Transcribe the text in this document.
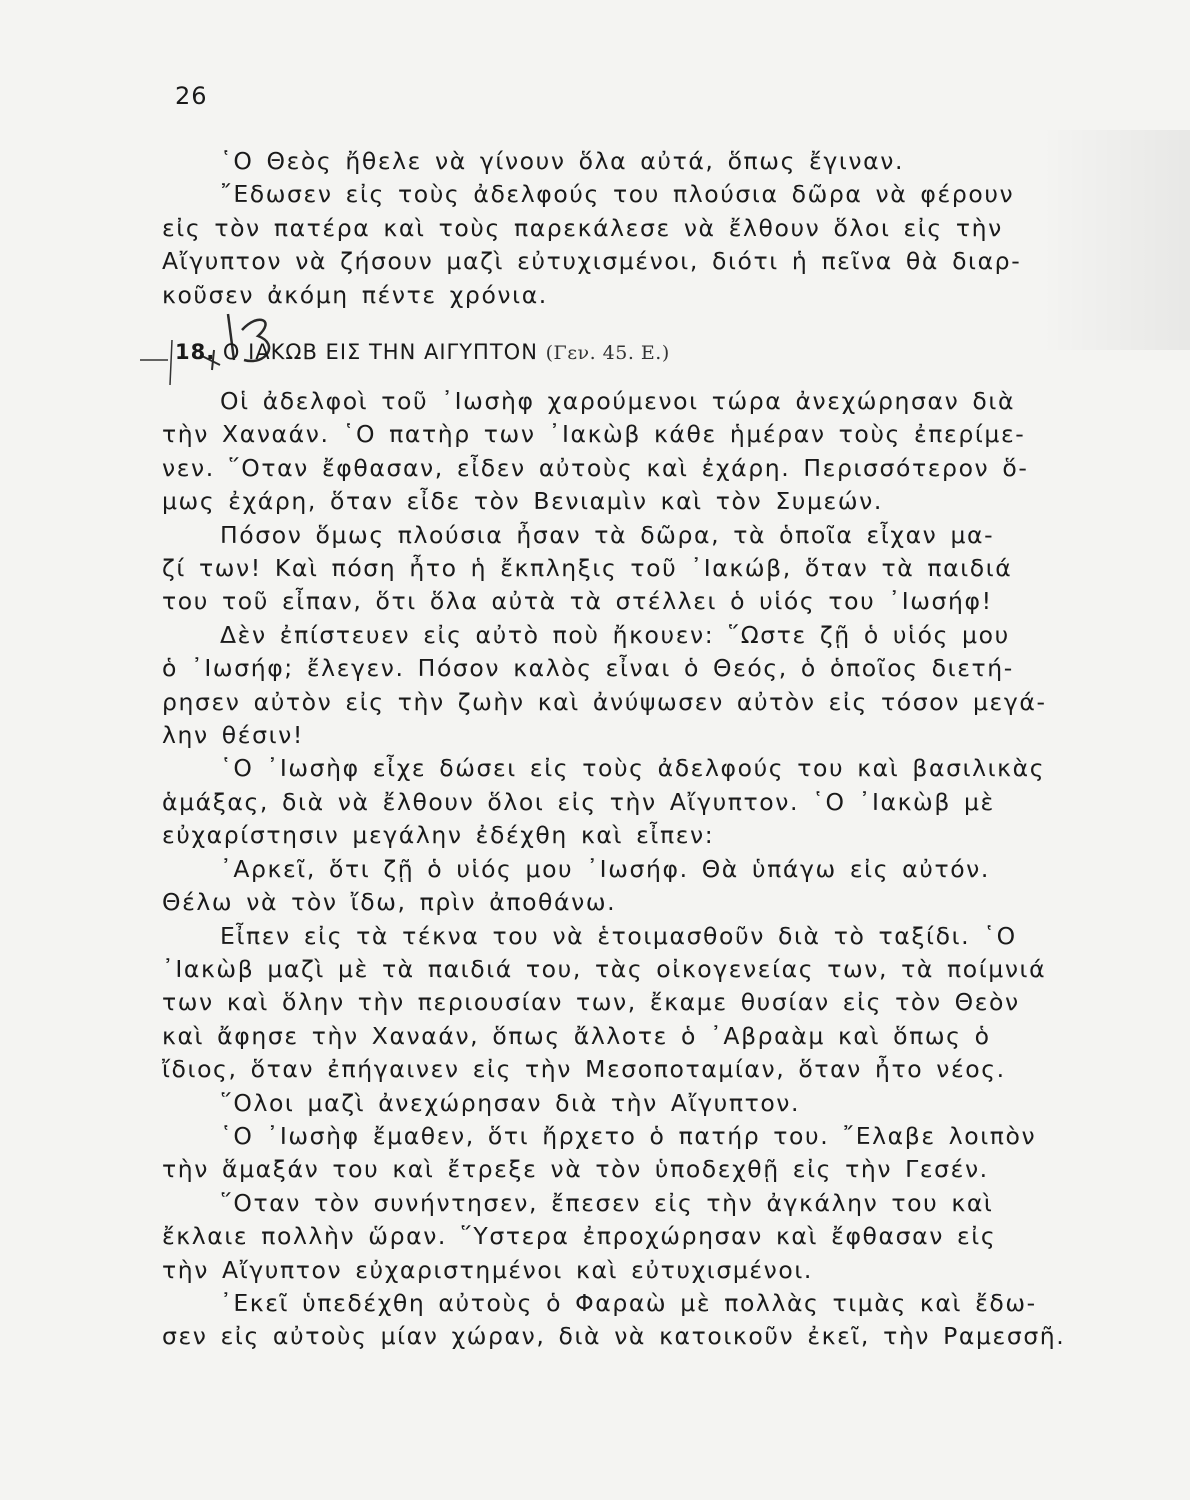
26
῾Ο Θεὸς ἤθελε νὰ γίνουν ὅλα αὐτά, ὅπως ἔγιναν.
῎Εδωσεν εἰς τοὺς ἀδελφούς του πλούσια δῶρα νὰ φέρουν
εἰς τὸν πατέρα καὶ τοὺς παρεκάλεσε νὰ ἔλθουν ὅλοι εἰς τὴν
Αἴγυπτον νὰ ζήσουν μαζὶ εὐτυχισμένοι, διότι ἡ πεῖνα θὰ διαρ-
κοῦσεν ἀκόμη πέντε χρόνια.
18. Ο ΙΑΚΩΒ ΕΙΣ ΤΗΝ ΑΙΓΥΠΤΟΝ (Γεν. 45. Ε.)
Οἱ ἀδελφοὶ τοῦ ᾿Ιωσὴφ χαρούμενοι τώρα ἀνεχώρησαν διὰ
τὴν Χαναάν. ῾Ο πατὴρ των ᾿Ιακὼβ κάθε ἡμέραν τοὺς ἐπερίμε-
νεν. ῞Οταν ἔφθασαν, εἶδεν αὐτοὺς καὶ ἐχάρη. Περισσότερον ὅ-
μως ἐχάρη, ὅταν εἶδε τὸν Βενιαμὶν καὶ τὸν Συμεών.
Πόσον ὅμως πλούσια ἦσαν τὰ δῶρα, τὰ ὁποῖα εἶχαν μα-
ζί των! Καὶ πόση ἦτο ἡ ἔκπληξις τοῦ ᾿Ιακώβ, ὅταν τὰ παιδιά
του τοῦ εἶπαν, ὅτι ὅλα αὐτὰ τὰ στέλλει ὁ υἱός του ᾿Ιωσήφ!
Δὲν ἐπίστευεν εἰς αὐτὸ ποὺ ἤκουεν: ῞Ωστε ζῇ ὁ υἱός μου
ὁ ᾿Ιωσήφ; ἔλεγεν. Πόσον καλὸς εἶναι ὁ Θεός, ὁ ὁποῖος διετή-
ρησεν αὐτὸν εἰς τὴν ζωὴν καὶ ἀνύψωσεν αὐτὸν εἰς τόσον μεγά-
λην θέσιν!
῾Ο ᾿Ιωσὴφ εἶχε δώσει εἰς τοὺς ἀδελφούς του καὶ βασιλικὰς
ἁμάξας, διὰ νὰ ἔλθουν ὅλοι εἰς τὴν Αἴγυπτον. ῾Ο ᾿Ιακὼβ μὲ
εὐχαρίστησιν μεγάλην ἐδέχθη καὶ εἶπεν:
᾿Αρκεῖ, ὅτι ζῇ ὁ υἱός μου ᾿Ιωσήφ. Θὰ ὑπάγω εἰς αὐτόν.
Θέλω νὰ τὸν ἴδω, πρὶν ἀποθάνω.
Εἶπεν εἰς τὰ τέκνα του νὰ ἑτοιμασθοῦν διὰ τὸ ταξίδι. ῾Ο
᾿Ιακὼβ μαζὶ μὲ τὰ παιδιά του, τὰς οἰκογενείας των, τὰ ποίμνιά
των καὶ ὅλην τὴν περιουσίαν των, ἔκαμε θυσίαν εἰς τὸν Θεὸν
καὶ ἄφησε τὴν Χαναάν, ὅπως ἄλλοτε ὁ ᾿Αβραὰμ καὶ ὅπως ὁ
ἴδιος, ὅταν ἐπήγαινεν εἰς τὴν Μεσοποταμίαν, ὅταν ἦτο νέος.
῞Ολοι μαζὶ ἀνεχώρησαν διὰ τὴν Αἴγυπτον.
῾Ο ᾿Ιωσὴφ ἔμαθεν, ὅτι ἤρχετο ὁ πατήρ του. ῎Ελαβε λοιπὸν
τὴν ἅμαξάν του καὶ ἔτρεξε νὰ τὸν ὑποδεχθῇ εἰς τὴν Γεσέν.
῞Οταν τὸν συνήντησεν, ἔπεσεν εἰς τὴν ἀγκάλην του καὶ
ἔκλαιε πολλὴν ὥραν. ῞Υστερα ἐπροχώρησαν καὶ ἔφθασαν εἰς
τὴν Αἴγυπτον εὐχαριστημένοι καὶ εὐτυχισμένοι.
᾿Εκεῖ ὑπεδέχθη αὐτοὺς ὁ Φαραὼ μὲ πολλὰς τιμὰς καὶ ἔδω-
σεν εἰς αὐτοὺς μίαν χώραν, διὰ νὰ κατοικοῦν ἐκεῖ, τὴν Ραμεσσῆ.
